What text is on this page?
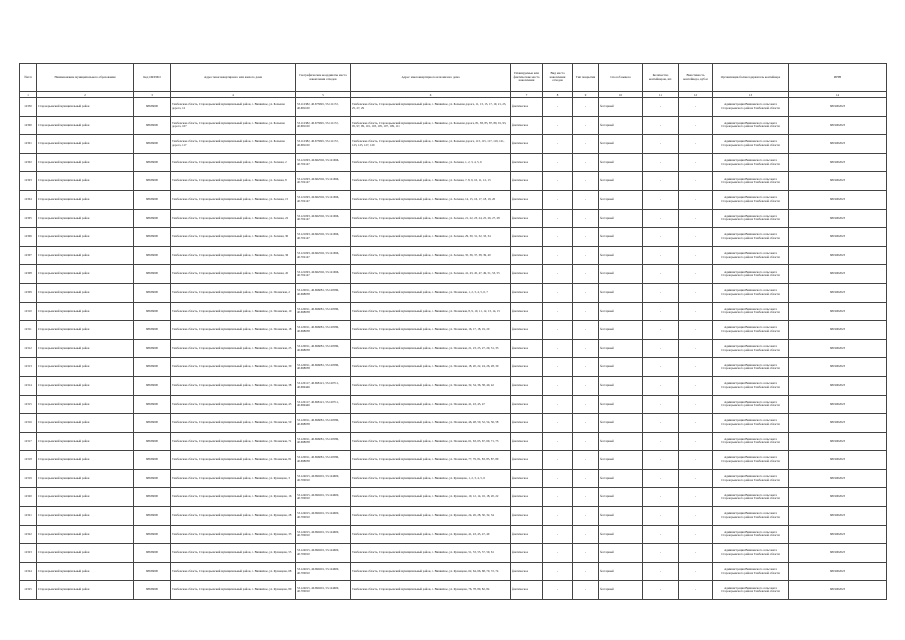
№п/п	Наименование муниципального образования	Код ОКТМО	Адрес многоквартирного или жилого дома	Географические координаты места накопления отходов	Адрес многоквартирного или жилого дома	Планируемые или фактические места накопления	Вид места накопления отходов	Тип покрытия	Способ вывоза	Количество контейнеров, шт.	Вместимость контейнера, куб.м	Организация-балансодержатель контейнера	ИНН
1	2	3	4	5	6	7	8	9	10	11	12	13	14
12330	Староюрьевский муниципальный район	68636000	Тамбовская область, Староюрьевский муниципальный район, с. Вишнёвое, ул. Большая дорога, 12	53.112382, 40.675845, 53.111172, 40.681100	Тамбовская область, Староюрьевский муниципальный район, с. Вишнёвое, ул. Большая дорога, 11, 13, 15, 17, 19, 21, 23, 25, 27, 29	фактическое	-	-	бестарный	-	-	Администрация Вишневского сельсовета Староюрьевского района Тамбовской области	6819002023
12300	Староюрьевский муниципальный район	68636000	Тамбовская область, Староюрьевский муниципальный район, с. Вишнёвое, ул. Большая дорога, 107	53.112382, 40.675845, 53.111172, 40.681100	Тамбовская область, Староюрьевский муниципальный район, с. Вишнёвое, ул. Большая дорога, 81, 83, 85, 87, 89, 91, 93, 95, 97, 99, 101, 103, 105, 107, 109, 111	фактическое	-	-	бестарный	-	-	Администрация Вишневского сельсовета Староюрьевского района Тамбовской области	6819002023
12301	Староюрьевский муниципальный район	68636000	Тамбовская область, Староюрьевский муниципальный район, с. Вишнёвое, ул. Большая дорога, 117	53.112382, 40.675845, 53.111172, 40.681100	Тамбовская область, Староюрьевский муниципальный район, с. Вишнёвое, ул. Большая дорога, 113, 115, 117, 119, 121, 123, 125, 127, 129	фактическое	-	-	бестарный	-	-	Администрация Вишневского сельсовета Староюрьевского района Тамбовской области	6819002023
12302	Староюрьевский муниципальный район	68636000	Тамбовская область, Староюрьевский муниципальный район, с. Вишнёвое, ул. Зеленая, 2	53.121093, 40.662502, 53.121696, 40.702147	Тамбовская область, Староюрьевский муниципальный район, с. Вишнёвое, ул. Зеленая, 1, 2, 3, 4, 5, 6	фактическое	-	-	бестарный	-	-	Администрация Вишневского сельсовета Староюрьевского района Тамбовской области	6819002023
12303	Староюрьевский муниципальный район	68636000	Тамбовская область, Староюрьевский муниципальный район, с. Вишнёвое, ул. Зеленая, 8	53.121093, 40.662502, 53.121696, 40.702147	Тамбовская область, Староюрьевский муниципальный район, с. Вишнёвое, ул. Зеленая, 7, 8, 9, 10, 11, 12, 13	фактическое	-	-	бестарный	-	-	Администрация Вишневского сельсовета Староюрьевского района Тамбовской области	6819002023
12304	Староюрьевский муниципальный район	68636000	Тамбовская область, Староюрьевский муниципальный район, с. Вишнёвое, ул. Зеленая, 15	53.121093, 40.662502, 53.121696, 40.702147	Тамбовская область, Староюрьевский муниципальный район, с. Вишнёвое, ул. Зеленая, 14, 15, 16, 17, 18, 19, 20	фактическое	-	-	бестарный	-	-	Администрация Вишневского сельсовета Староюрьевского района Тамбовской области	6819002023
12305	Староюрьевский муниципальный район	68636000	Тамбовская область, Староюрьевский муниципальный район, с. Вишнёвое, ул. Зеленая, 22	53.121093, 40.662502, 53.121696, 40.702147	Тамбовская область, Староюрьевский муниципальный район, с. Вишнёвое, ул. Зеленая, 21, 22, 23, 24, 25, 26, 27, 28	фактическое	-	-	бестарный	-	-	Администрация Вишневского сельсовета Староюрьевского района Тамбовской области	6819002023
12306	Староюрьевский муниципальный район	68636000	Тамбовская область, Староюрьевский муниципальный район, с. Вишнёвое, ул. Зеленая, 30	53.121093, 40.662502, 53.121696, 40.702147	Тамбовская область, Староюрьевский муниципальный район, с. Вишнёвое, ул. Зеленая, 29, 30, 31, 32, 33, 34	фактическое	-	-	бестарный	-	-	Администрация Вишневского сельсовета Староюрьевского района Тамбовской области	6819002023
12307	Староюрьевский муниципальный район	68636000	Тамбовская область, Староюрьевский муниципальный район, с. Вишнёвое, ул. Зеленая, 36	53.121093, 40.662502, 53.121696, 40.702147	Тамбовская область, Староюрьевский муниципальный район, с. Вишнёвое, ул. Зеленая, 35, 36, 37, 38, 39, 40	фактическое	-	-	бестарный	-	-	Администрация Вишневского сельсовета Староюрьевского района Тамбовской области	6819002023
12308	Староюрьевский муниципальный район	68636000	Тамбовская область, Староюрьевский муниципальный район, с. Вишнёвое, ул. Зеленая, 45	53.121093, 40.662502, 53.121696, 40.702147	Тамбовская область, Староюрьевский муниципальный район, с. Вишнёвое, ул. Зеленая, 41, 43, 45, 47, 49, 51, 53, 55	фактическое	-	-	бестарный	-	-	Администрация Вишневского сельсовета Староюрьевского района Тамбовской области	6819002023
12309	Староюрьевский муниципальный район	68636000	Тамбовская область, Староюрьевский муниципальный район, с. Вишнёвое, ул. Полевская, 2	53.120011, 40.696081, 53.120586, 40.698038	Тамбовская область, Староюрьевский муниципальный район, с. Вишнёвое, ул. Полевская, 1, 2, 3, 4, 5, 6, 7	фактическое	-	-	бестарный	-	-	Администрация Вишневского сельсовета Староюрьевского района Тамбовской области	6819002023
12310	Староюрьевский муниципальный район	68636000	Тамбовская область, Староюрьевский муниципальный район, с. Вишнёвое, ул. Полевская, 10	53.120011, 40.696081, 53.120586, 40.698038	Тамбовская область, Староюрьевский муниципальный район, с. Вишнёвое, ул. Полевская, 8, 9, 10, 11, 12, 13, 14, 15	фактическое	-	-	бестарный	-	-	Администрация Вишневского сельсовета Староюрьевского района Тамбовской области	6819002023
12311	Староюрьевский муниципальный район	68636000	Тамбовская область, Староюрьевский муниципальный район, с. Вишнёвое, ул. Полевская, 18	53.120011, 40.696081, 53.120586, 40.698038	Тамбовская область, Староюрьевский муниципальный район, с. Вишнёвое, ул. Полевская, 16, 17, 18, 19, 20	фактическое	-	-	бестарный	-	-	Администрация Вишневского сельсовета Староюрьевского района Тамбовской области	6819002023
12312	Староюрьевский муниципальный район	68636000	Тамбовская область, Староюрьевский муниципальный район, с. Вишнёвое, ул. Полевская, 25	53.120011, 40.696081, 53.120586, 40.698038	Тамбовская область, Староюрьевский муниципальный район, с. Вишнёвое, ул. Полевская, 21, 23, 25, 27, 29, 31, 33	фактическое	-	-	бестарный	-	-	Администрация Вишневского сельсовета Староюрьевского района Тамбовской области	6819002023
12313	Староюрьевский муниципальный район	68636000	Тамбовская область, Староюрьевский муниципальный район, с. Вишнёвое, ул. Полевская, 30	53.120011, 40.696081, 53.120586, 40.698038	Тамбовская область, Староюрьевский муниципальный район, с. Вишнёвое, ул. Полевская, 18, 20, 22, 24, 26, 28, 30	фактическое	-	-	бестарный	-	-	Администрация Вишневского сельсовета Староюрьевского района Тамбовской области	6819002023
12314	Староюрьевский муниципальный район	68636000	Тамбовская область, Староюрьевский муниципальный район, с. Вишнёвое, ул. Полевская, 38	53.120117, 40.698121, 53.120711, 40.699446	Тамбовская область, Староюрьевский муниципальный район, с. Вишнёвое, ул. Полевская, 32, 34, 36, 38, 40, 42	фактическое	-	-	бестарный	-	-	Администрация Вишневского сельсовета Староюрьевского района Тамбовской области	6819002023
12315	Староюрьевский муниципальный район	68636000	Тамбовская область, Староюрьевский муниципальный район, с. Вишнёвое, ул. Полевская, 45	53.120117, 40.698121, 53.120711, 40.699446	Тамбовская область, Староюрьевский муниципальный район, с. Вишнёвое, ул. Полевская, 41, 43, 45, 47	фактическое	-	-	бестарный	-	-	Администрация Вишневского сельсовета Староюрьевского района Тамбовской области	6819002023
12316	Староюрьевский муниципальный район	68636000	Тамбовская область, Староюрьевский муниципальный район, с. Вишнёвое, ул. Полевская, 50	53.120011, 40.696081, 53.120586, 40.698038	Тамбовская область, Староюрьевский муниципальный район, с. Вишнёвое, ул. Полевская, 46, 48, 50, 52, 54, 56, 58	фактическое	-	-	бестарный	-	-	Администрация Вишневского сельсовета Староюрьевского района Тамбовской области	6819002023
12317	Староюрьевский муниципальный район	68636000	Тамбовская область, Староюрьевский муниципальный район, с. Вишнёвое, ул. Полевская, 71	53.120011, 40.696081, 53.120586, 40.698038	Тамбовская область, Староюрьевский муниципальный район, с. Вишнёвое, ул. Полевская, 61, 63, 65, 67, 69, 71, 73	фактическое	-	-	бестарный	-	-	Администрация Вишневского сельсовета Староюрьевского района Тамбовской области	6819002023
12318	Староюрьевский муниципальный район	68636000	Тамбовская область, Староюрьевский муниципальный район, с. Вишнёвое, ул. Полевская, 81	53.120011, 40.696081, 53.120586, 40.698038	Тамбовская область, Староюрьевский муниципальный район, с. Вишнёвое, ул. Полевская, 77, 79, 81, 83, 85, 87, 89	фактическое	-	-	бестарный	-	-	Администрация Вишневского сельсовета Староюрьевского района Тамбовской области	6819002023
12319	Староюрьевский муниципальный район	68636000	Тамбовская область, Староюрьевский муниципальный район, с. Вишнёвое, ул. Кузнецова, 3	53.124015, 40.699201, 53.124600, 40.700010	Тамбовская область, Староюрьевский муниципальный район, с. Вишнёвое, ул. Кузнецова, 1, 2, 3, 4, 5, 6	фактическое	-	-	бестарный	-	-	Администрация Вишневского сельсовета Староюрьевского района Тамбовской области	6819002023
12320	Староюрьевский муниципальный район	68636000	Тамбовская область, Староюрьевский муниципальный район, с. Вишнёвое, ул. Кузнецова, 16	53.124015, 40.699201, 53.124600, 40.700010	Тамбовская область, Староюрьевский муниципальный район, с. Вишнёвое, ул. Кузнецова, 10, 12, 14, 16, 18, 20, 22	фактическое	-	-	бестарный	-	-	Администрация Вишневского сельсовета Староюрьевского района Тамбовской области	6819002023
12321	Староюрьевский муниципальный район	68636000	Тамбовская область, Староюрьевский муниципальный район, с. Вишнёвое, ул. Кузнецова, 28	53.124015, 40.699201, 53.124600, 40.700010	Тамбовская область, Староюрьевский муниципальный район, с. Вишнёвое, ул. Кузнецова, 24, 26, 28, 30, 32, 34	фактическое	-	-	бестарный	-	-	Администрация Вишневского сельсовета Староюрьевского района Тамбовской области	6819002023
12322	Староюрьевский муниципальный район	68636000	Тамбовская область, Староюрьевский муниципальный район, с. Вишнёвое, ул. Кузнецова, 33	53.124015, 40.699201, 53.124600, 40.700010	Тамбовская область, Староюрьевский муниципальный район, с. Вишнёвое, ул. Кузнецова, 41, 43, 45, 47, 49	фактическое	-	-	бестарный	-	-	Администрация Вишневского сельсовета Староюрьевского района Тамбовской области	6819002023
12323	Староюрьевский муниципальный район	68636000	Тамбовская область, Староюрьевский муниципальный район, с. Вишнёвое, ул. Кузнецова, 55	53.124015, 40.699201, 53.124600, 40.700010	Тамбовская область, Староюрьевский муниципальный район, с. Вишнёвое, ул. Кузнецова, 51, 53, 55, 57, 59, 61	фактическое	-	-	бестарный	-	-	Администрация Вишневского сельсовета Староюрьевского района Тамбовской области	6819002023
12324	Староюрьевский муниципальный район	68636000	Тамбовская область, Староюрьевский муниципальный район, с. Вишнёвое, ул. Кузнецова, 68	53.124015, 40.699201, 53.124600, 40.700010	Тамбовская область, Староюрьевский муниципальный район, с. Вишнёвое, ул. Кузнецова, 62, 64, 66, 68, 70, 72, 74	фактическое	-	-	бестарный	-	-	Администрация Вишневского сельсовета Староюрьевского района Тамбовской области	6819002023
12325	Староюрьевский муниципальный район	68636000	Тамбовская область, Староюрьевский муниципальный район, с. Вишнёвое, ул. Кузнецова, 80	53.124015, 40.699201, 53.124600, 40.700010	Тамбовская область, Староюрьевский муниципальный район, с. Вишнёвое, ул. Кузнецова, 76, 78, 80, 82, 84	фактическое	-	-	бестарный	-	-	Администрация Вишневского сельсовета Староюрьевского района Тамбовской области	6819002023
